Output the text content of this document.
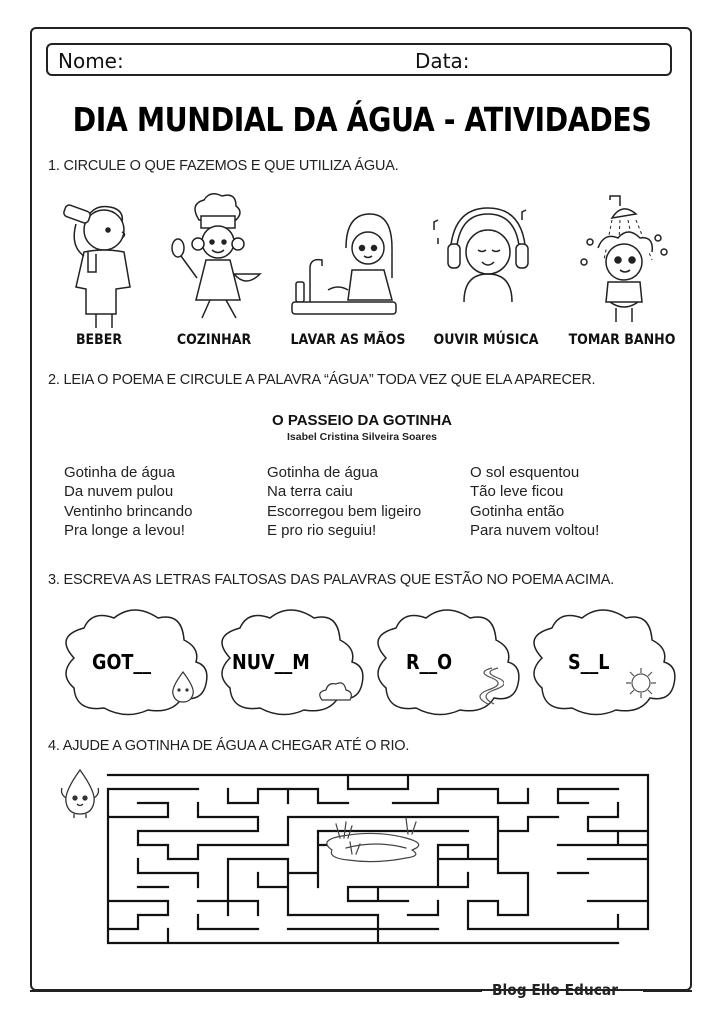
Nome:	Data:
DIA MUNDIAL DA ÁGUA - ATIVIDADES
1. CIRCULE O QUE FAZEMOS E QUE UTILIZA ÁGUA.
BEBER	COZINHAR	LAVAR AS MÃOS	OUVIR MÚSICA	TOMAR BANHO
2. LEIA O POEMA E CIRCULE A PALAVRA “ÁGUA” TODA VEZ QUE ELA APARECER.
O PASSEIO DA GOTINHA
Isabel Cristina Silveira Soares
Gotinha de água
Da nuvem pulou
Ventinho brincando
Pra longe a levou!
Gotinha de água
Na terra caiu
Escorregou bem ligeiro
E pro rio seguiu!
O sol esquentou
Tão leve ficou
Gotinha então
Para nuvem voltou!
3. ESCREVA AS LETRAS FALTOSAS DAS PALAVRAS QUE ESTÃO NO POEMA ACIMA.
GOT__	NUV__M	R__O	S__L
4. AJUDE A GOTINHA DE ÁGUA A CHEGAR ATÉ O RIO.
Blog Ello Educar
